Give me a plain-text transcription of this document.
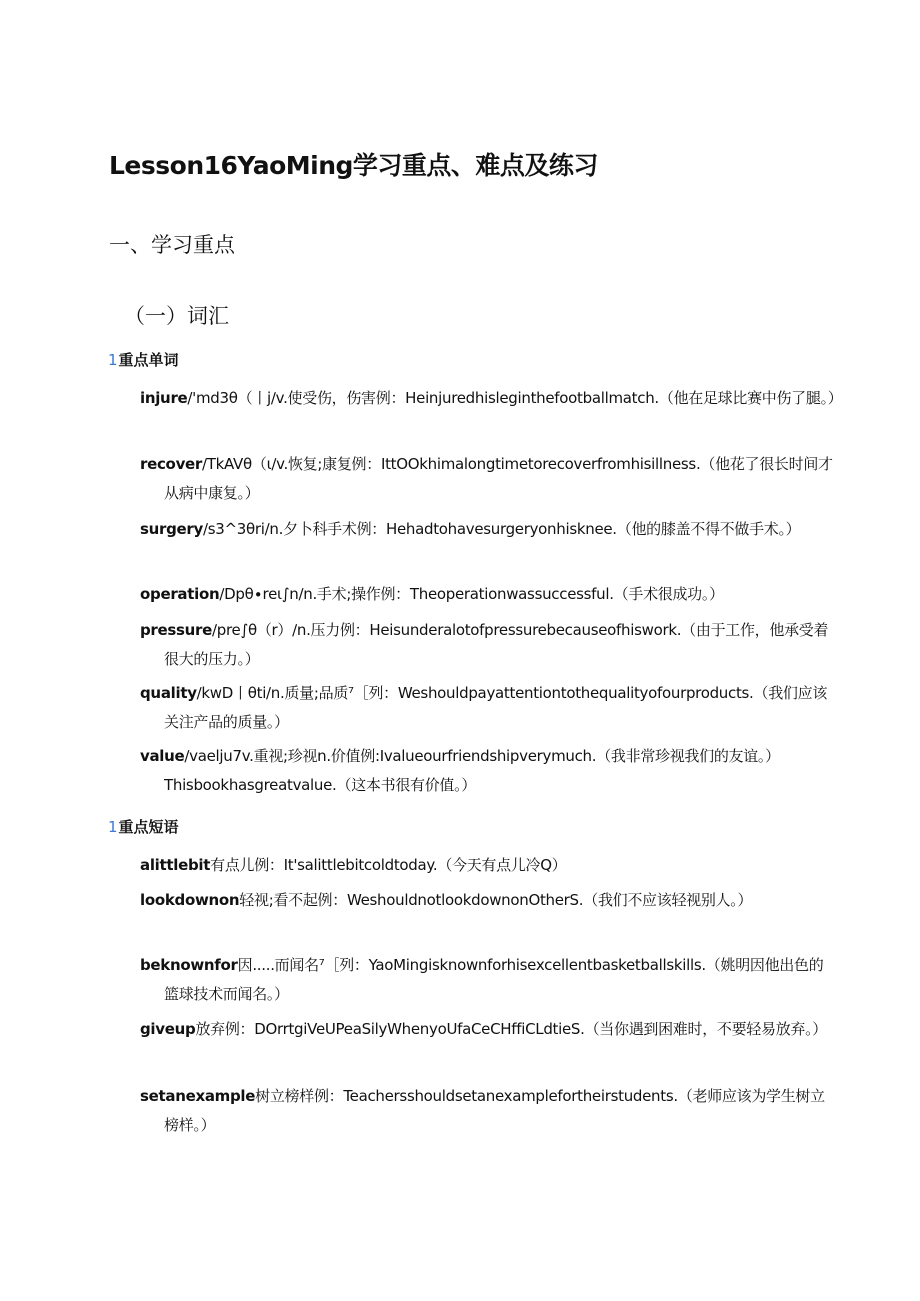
Lesson16YaoMing学习重点、难点及练习
一、学习重点
（一）词汇
1重点单词
injure/'md3θ（丨j∕v.使受伤，伤害例：Heinjuredhisleginthefootballmatch.（他在足球比赛中伤了腿。）
recover∕TkAVθ（ι∕v.恢复;康复例：IttOOkhimalongtimetorecoverfromhisillness.（他花了很长时间才从病中康复。）
surgery∕s3^3θri∕n.夕卜科手术例：Hehadtohavesurgeryonhisknee.（他的膝盖不得不做手术。）
operation∕Dpθ∙reι∫n∕n.手术;操作例：Theoperationwassuccessful.（手术很成功。）
pressure∕pre∫θ（r）∕n.压力例：Heisunderalotofpressurebecauseofhiswork.（由于工作，他承受着很大的压力。）
quality∕kwD丨θti∕n.质量;品质⁷［列：Weshouldpayattentiontothequalityofourproducts.（我们应该关注产品的质量。）
value∕vaelju7v.重视;珍视n.价值例:Ivalueourfriendshipverymuch.（我非常珍视我们的友谊。）Thisbookhasgreatvalue.（这本书很有价值。）
1重点短语
alittlebit有点儿例：It'salittlebitcoldtoday.（今天有点儿冷Q）
lookdownon轻视;看不起例：WeshouldnotlookdownonOtherS.（我们不应该轻视别人。）
beknownfor因.....而闻名⁷［列：YaoMingisknownforhisexcellentbasketballskills.（姚明因他出色的篮球技术而闻名。）
giveup放弃例：DOrrtgiVeUPeaSilyWhenyoUfaCeCHffiCLdtieS.（当你遇到困难时，不要轻易放弃。）
setanexample树立榜样例：Teachersshouldsetanexamplefortheirstudents.（老师应该为学生树立榜样。）
